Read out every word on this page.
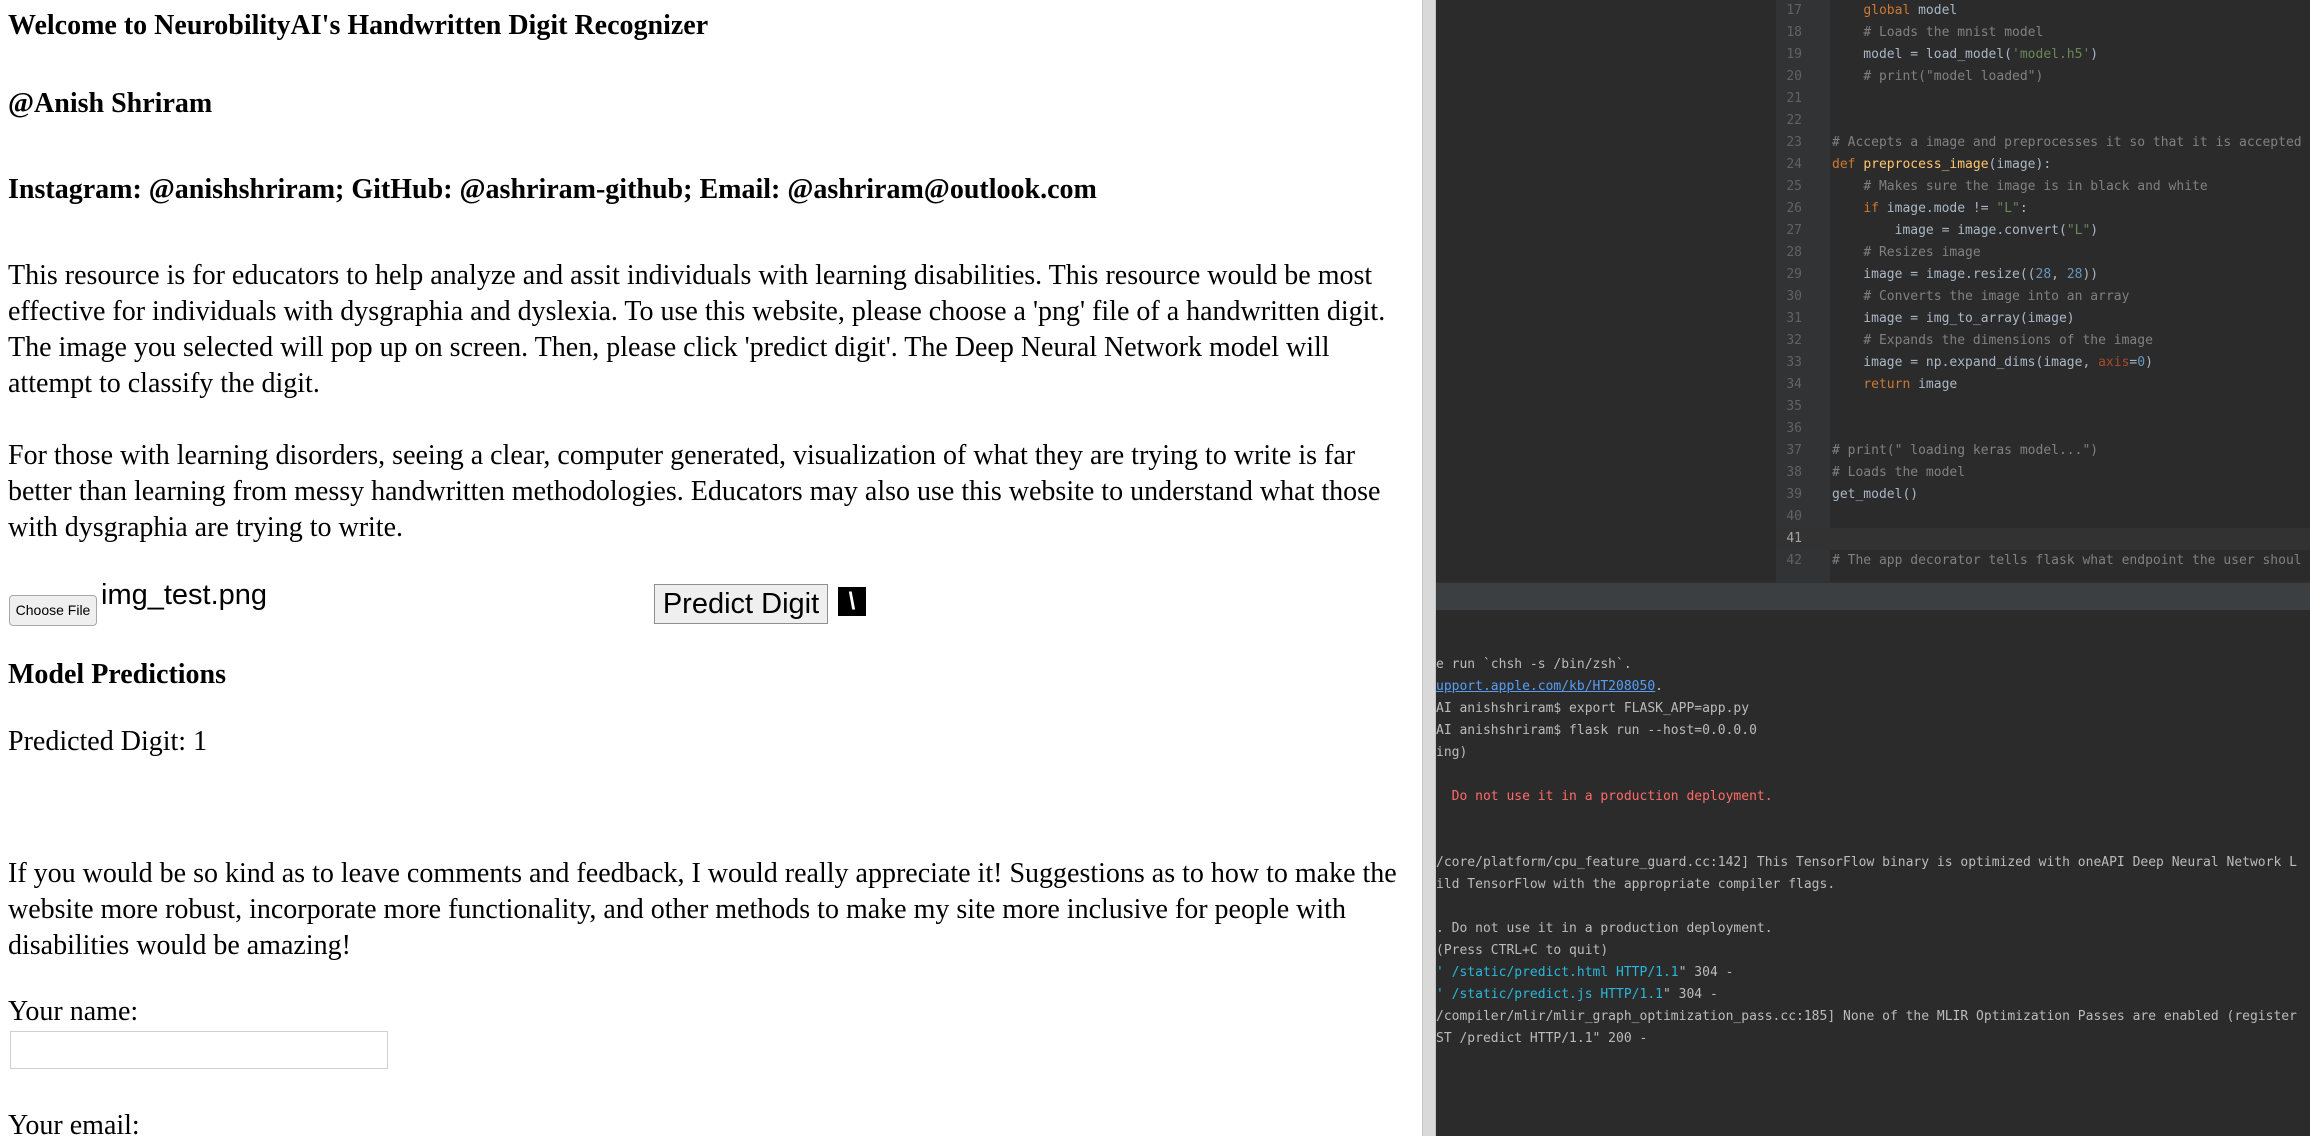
Welcome to NeurobilityAI's Handwritten Digit Recognizer
@Anish Shriram
Instagram: @anishshriram; GitHub: @ashriram-github; Email: @ashriram@outlook.com

This resource is for educators to help analyze and assit individuals with learning disabilities. This resource would be most effective for individuals with dysgraphia and dyslexia. To use this website, please choose a 'png' file of a handwritten digit. The image you selected will pop up on screen. Then, please click 'predict digit'. The Deep Neural Network model will attempt to classify the digit.

For those with learning disorders, seeing a clear, computer generated, visualization of what they are trying to write is far better than learning from messy handwritten methodologies. Educators may also use this website to understand what those with dysgraphia are trying to write.

Choose File img_test.png	Predict Digit	\
Model Predictions

Predicted Digit: 1

If you would be so kind as to leave comments and feedback, I would really appreciate it! Suggestions as to how to make the website more robust, incorporate more functionality, and other methods to make my site more inclusive for people with disabilities would be amazing!

Your name:

Your email:

17	global model
18	# Loads the mnist model
19 model = load_model('model.h5')
20	# print("model loaded")
21
22
23 # Accepts a image and preprocesses it so that it is accepted
24 def preprocess_image(image):
25	# Makes sure the image is in black and white
26	if image.mode != "L":
27 image = image.convert("L")
28	# Resizes image
29 image = image.resize((28, 28))
30	# Converts the image into an array
31 image = img_to_array(image)
32	# Expands the dimensions of the image
33 image = np.expand_dims(image, axis=0)
34	return image
35
36
37 # print(" loading keras model...")
38 # Loads the model
39 get_model()
40
41
42 # The app decorator tells flask what endpoint the user shoul
e run `chsh -s /bin/zsh`.
upport.apple.com/kb/HT208050.
AI anishshriram$ export FLASK_APP=app.py
AI anishshriram$ flask run --host=0.0.0.0
ing)
Do not use it in a production deployment.
/core/platform/cpu_feature_guard.cc:142] This TensorFlow binary is optimized with oneAPI Deep Neural Network L
ild TensorFlow with the appropriate compiler flags.
. Do not use it in a production deployment.
(Press CTRL+C to quit)
' /static/predict.html HTTP/1.1" 304 -
' /static/predict.js HTTP/1.1" 304 -
/compiler/mlir/mlir_graph_optimization_pass.cc:185] None of the MLIR Optimization Passes are enabled (register
ST /predict HTTP/1.1" 200 -
